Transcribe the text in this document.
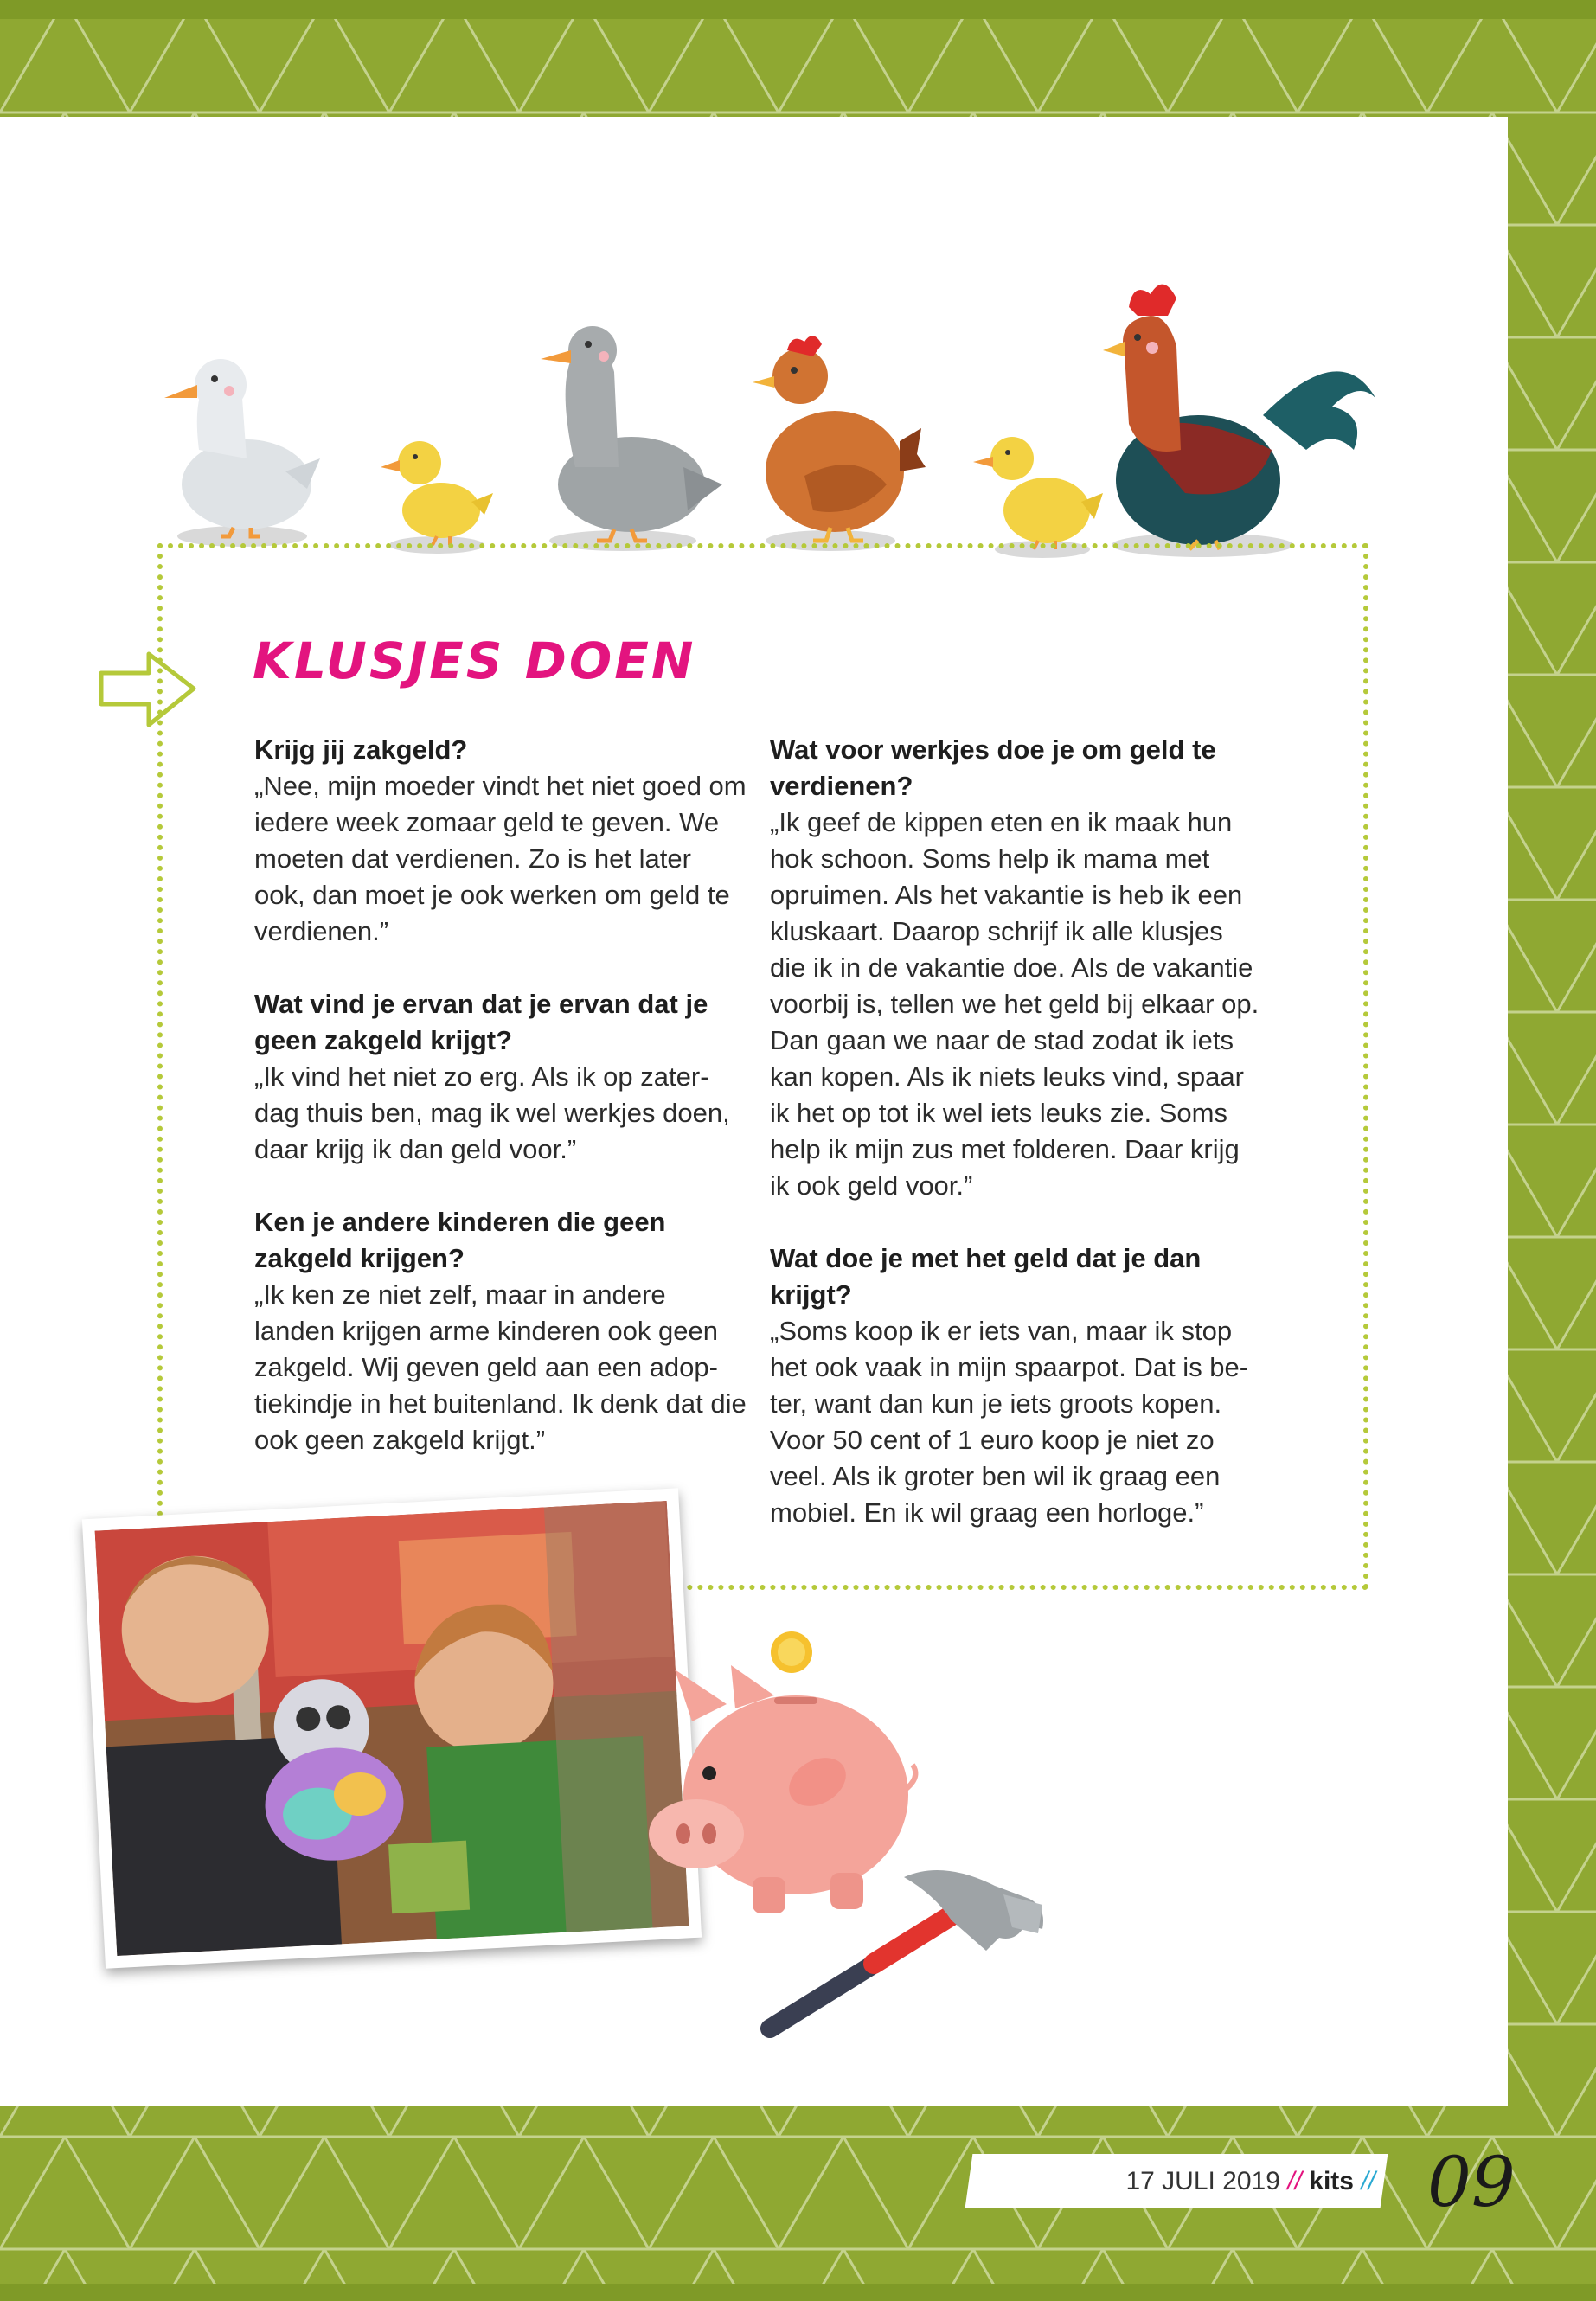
KLUSJES DOEN

Krijg jij zakgeld?

„Nee, mijn moeder vindt het niet goed om iedere week zomaar geld te geven. We moeten dat verdienen. Zo is het later ook, dan moet je ook werken om geld te verdienen.”

Wat vind je ervan dat je ervan dat je geen zakgeld krijgt?

„Ik vind het niet zo erg. Als ik op zater-dag thuis ben, mag ik wel werkjes doen, daar krijg ik dan geld voor.”

Ken je andere kinderen die geen zakgeld krijgen?

„Ik ken ze niet zelf, maar in andere landen krijgen arme kinderen ook geen zakgeld. Wij geven geld aan een adop-tiekindje in het buitenland. Ik denk dat die ook geen zakgeld krijgt.”

Wat voor werkjes doe je om geld te verdienen?

„Ik geef de kippen eten en ik maak hun hok schoon. Soms help ik mama met opruimen. Als het vakantie is heb ik een kluskaart. Daarop schrijf ik alle klusjes die ik in de vakantie doe. Als de vakantie voorbij is, tellen we het geld bij elkaar op. Dan gaan we naar de stad zodat ik iets kan kopen. Als ik niets leuks vind, spaar ik het op tot ik wel iets leuks zie. Soms help ik mijn zus met folderen. Daar krijg ik ook geld voor.”

Wat doe je met het geld dat je dan krijgt?

„Soms koop ik er iets van, maar ik stop het ook vaak in mijn spaarpot. Dat is be-ter, want dan kun je iets groots kopen. Voor 50 cent of 1 euro koop je niet zo veel. Als ik groter ben wil ik graag een mobiel. En ik wil graag een horloge.”

17 JULI 2019 // kits // 09
